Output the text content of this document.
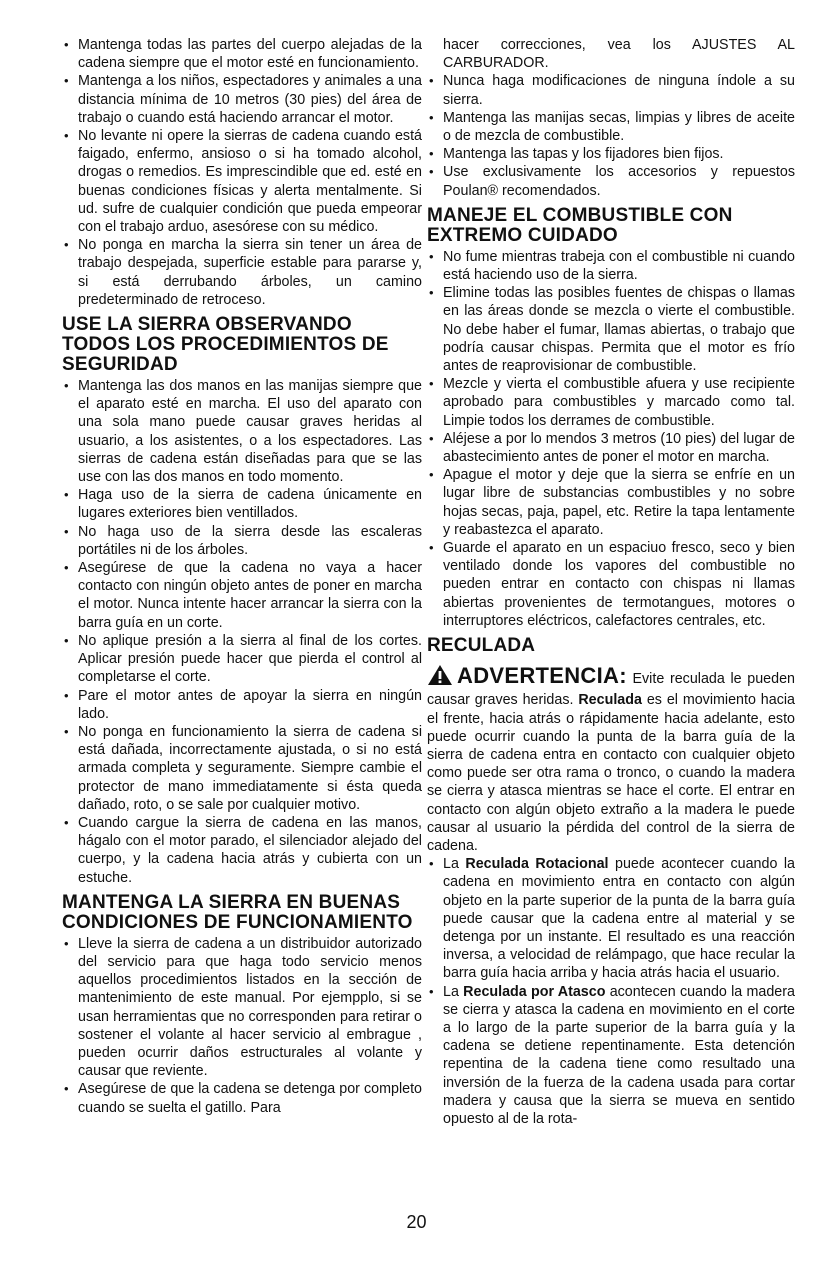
• Mantenga todas las partes del cuerpo alejadas de la cadena siempre que el motor esté en funcionamiento.
• Mantenga a los niños, espectadores y animales a una distancia mínima de 10 metros (30 pies) del área de trabajo o cuando está haciendo arrancar el motor.
• No levante ni opere la sierras de cadena cuando está faigado, enfermo, ansioso o si ha tomado alcohol, drogas o remedios. Es imprescindible que ed. esté en buenas condiciones físicas y alerta mentalmente. Si ud. sufre de cualquier condición que pueda empeorar con el trabajo arduo, asesórese con su médico.
• No ponga en marcha la sierra sin tener un área de trabajo despejada, superficie estable para pararse y, si está derrubando árboles, un camino predeterminado de retroceso.
USE LA SIERRA OBSERVANDO TODOS LOS PROCEDIMIENTOS DE SEGURIDAD
• Mantenga las dos manos en las manijas siempre que el aparato esté en marcha. El uso del aparato con una sola mano puede causar graves heridas al usuario, a los asistentes, o a los espectadores. Las sierras de cadena están diseñadas para que se las use con las dos manos en todo momento.
• Haga uso de la sierra de cadena únicamente en lugares exteriores bien ventillados.
• No haga uso de la sierra desde las escaleras portátiles ni de los árboles.
• Asegúrese de que la cadena no vaya a hacer contacto con ningún objeto antes de poner en marcha el motor. Nunca intente hacer arrancar la sierra con la barra guía en un corte.
• No aplique presión a la sierra al final de los cortes. Aplicar presión puede hacer que pierda el control al completarse el corte.
• Pare el motor antes de apoyar la sierra en ningún lado.
• No ponga en funcionamiento la sierra de cadena si está dañada, incorrectamente ajustada, o si no está armada completa y seguramente. Siempre cambie el protector de mano immediatamente si ésta queda dañado, roto, o se sale por cualquier motivo.
• Cuando cargue la sierra de cadena en las manos, hágalo con el motor parado, el silenciador alejado del cuerpo, y la cadena hacia atrás y cubierta con un estuche.
MANTENGA LA SIERRA EN BUENAS CONDICIONES DE FUNCIONAMIENTO
• Lleve la sierra de cadena a un distribuidor autorizado del servicio para que haga todo servicio menos aquellos procedimientos listados en la sección de mantenimiento de este manual. Por ejempplo, si se usan herramientas que no corresponden para retirar o sostener el volante al hacer servicio al embrague , pueden ocurrir daños estructurales al volante y causar que reviente.
• Asegúrese de que la cadena se detenga por completo cuando se suelta el gatillo. Para

hacer correcciones, vea los AJUSTES AL CARBURADOR.

• Nunca haga modificaciones de ninguna índole a su sierra.
• Mantenga las manijas secas, limpias y libres de aceite o de mezcla de combustible.
• Mantenga las tapas y los fijadores bien fijos.
• Use exclusivamente los accesorios y repuestos Poulan® recomendados.
MANEJE EL COMBUSTIBLE CON EXTREMO CUIDADO
• No fume mientras trabeja con el combustible ni cuando está haciendo uso de la sierra.
• Elimine todas las posibles fuentes de chispas o llamas en las áreas donde se mezcla o vierte el combustible. No debe haber el fumar, llamas abiertas, o trabajo que podría causar chispas. Permita que el motor es frío antes de reaprovisionar de combustible.
• Mezcle y vierta el combustible afuera y use recipiente aprobado para combustibles y marcado como tal. Limpie todos los derrames de combustible.
• Aléjese a por lo mendos 3 metros (10 pies) del lugar de abastecimiento antes de poner el motor en marcha.
• Apague el motor y deje que la sierra se enfríe en un lugar libre de substancias combustibles y no sobre hojas secas, paja, papel, etc. Retire la tapa lentamente y reabastezca el aparato.
• Guarde el aparato en un espaciuo fresco, seco y bien ventilado donde los vapores del combustible no pueden entrar en contacto con chispas ni llamas abiertas provenientes de termotangues, motores o interruptores eléctricos, calefactores centrales, etc.
RECULADA
ADVERTENCIA: Evite reculada le pueden causar graves heridas. Reculada es el movimiento hacia el frente, hacia atrás o rápidamente hacia adelante, esto puede ocurrir cuando la punta de la barra guía de la sierra de cadena entra en contacto con cualquier objeto como puede ser otra rama o tronco, o cuando la madera se cierra y atasca mientras se hace el corte. El entrar en contacto con algún objeto extraño a la madera le puede causar al usuario la pérdida del control de la sierra de cadena.
• La Reculada Rotacional puede acontecer cuando la cadena en movimiento entra en contacto con algún objeto en la parte superior de la punta de la barra guía puede causar que la cadena entre al material y se detenga por un instante. El resultado es una reacción inversa, a velocidad de relámpago, que hace recular la barra guía hacia arriba y hacia atrás hacia el usuario.
• La Reculada por Atasco acontecen cuando la madera se cierra y atasca la cadena en movimiento en el corte a lo largo de la parte superior de la barra guía y la cadena se detiene repentinamente. Esta detención repentina de la cadena tiene como resultado una inversión de la fuerza de la cadena usada para cortar madera y causa que la sierra se mueva en sentido opuesto al de la rota-
20
